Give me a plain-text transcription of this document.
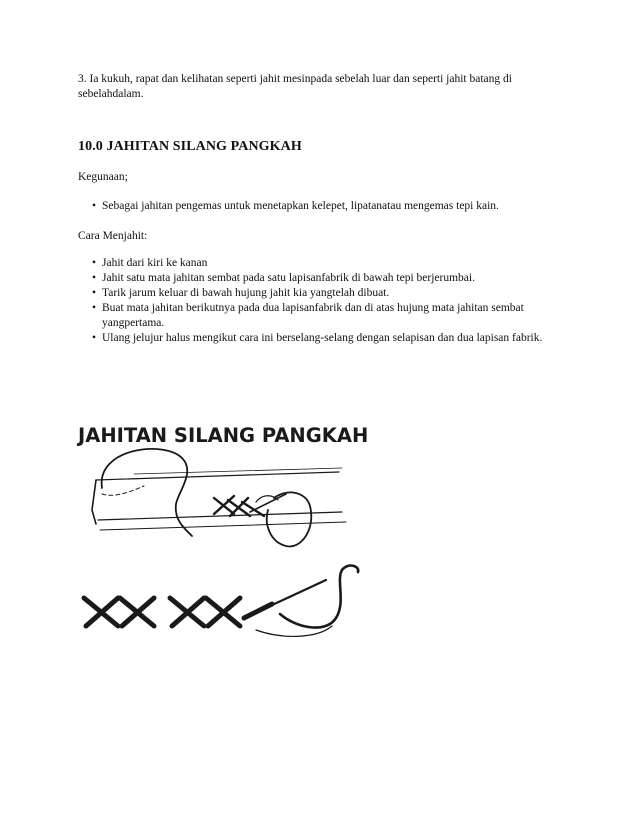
3. Ia kukuh, rapat dan kelihatan seperti jahit mesinpada sebelah luar dan seperti jahit batang di sebelahdalam.

10.0 JAHITAN SILANG PANGKAH

Kegunaan;

• Sebagai jahitan pengemas untuk menetapkan kelepet, lipatanatau mengemas tepi kain.

Cara Menjahit:

• Jahit dari kiri ke kanan
• Jahit satu mata jahitan sembat pada satu lapisanfabrik di bawah tepi berjerumbai.
• Tarik jarum keluar di bawah hujung jahit kia yangtelah dibuat.
• Buat mata jahitan berikutnya pada dua lapisanfabrik dan di atas hujung mata jahitan sembat yangpertama.
• Ulang jelujur halus mengikut cara ini berselang-selang dengan selapisan dan dua lapisan fabrik.
JAHITAN SILANG PANGKAH
